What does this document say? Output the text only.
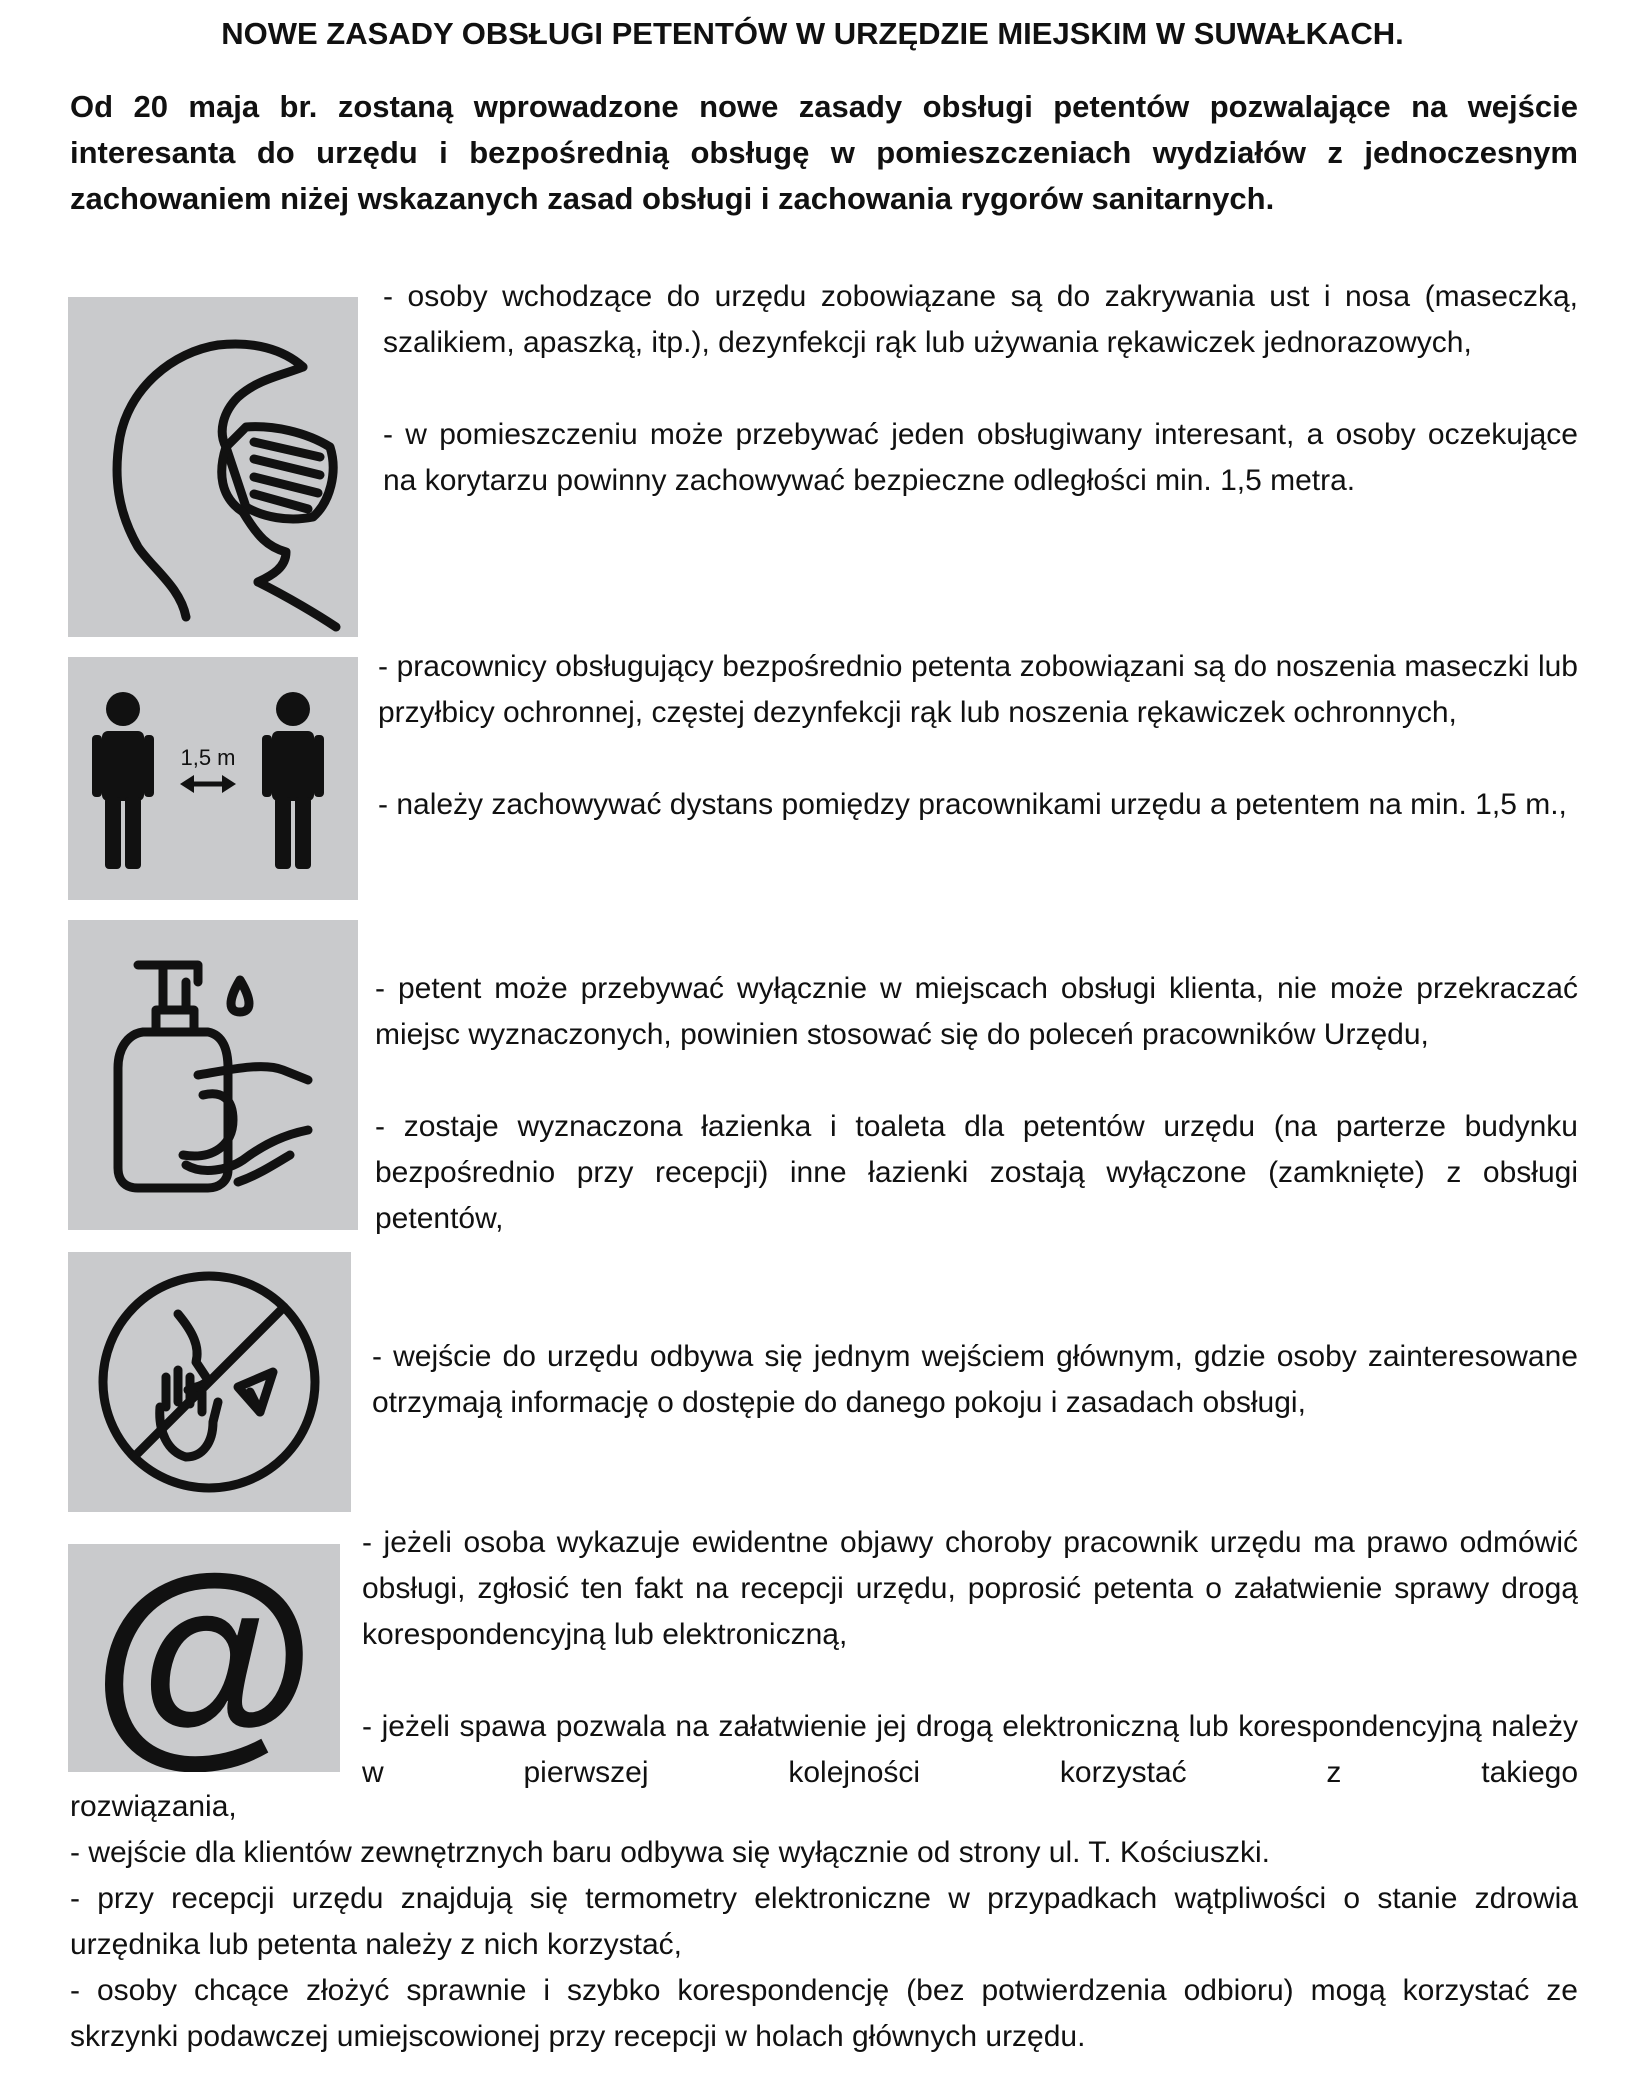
NOWE ZASADY OBSŁUGI PETENTÓW W URZĘDZIE MIEJSKIM W SUWAŁKACH.

Od 20 maja br. zostaną wprowadzone nowe zasady obsługi petentów pozwalające na wejście interesanta do urzędu i bezpośrednią obsługę w pomieszczeniach wydziałów z jednoczesnym zachowaniem niżej wskazanych zasad obsługi i zachowania rygorów sanitarnych.

1,5 m
@

- osoby wchodzące do urzędu zobowiązane są do zakrywania ust i nosa (maseczką, szalikiem, apaszką, itp.), dezynfekcji rąk lub używania rękawiczek jednorazowych,

- w pomieszczeniu może przebywać jeden obsługiwany interesant, a osoby oczekujące na korytarzu powinny zachowywać bezpieczne odległości min. 1,5 metra.

- pracownicy obsługujący bezpośrednio petenta zobowiązani są do noszenia maseczki lub przyłbicy ochronnej, częstej dezynfekcji rąk lub noszenia rękawiczek ochronnych,

- należy zachowywać dystans pomiędzy pracownikami urzędu a petentem na min. 1,5 m.,

- petent może przebywać wyłącznie w miejscach obsługi klienta, nie może przekraczać miejsc wyznaczonych, powinien stosować się do poleceń pracowników Urzędu,

- zostaje wyznaczona łazienka i toaleta dla petentów urzędu (na parterze budynku bezpośrednio przy recepcji) inne łazienki zostają wyłączone (zamknięte) z obsługi petentów,

- wejście do urzędu odbywa się jednym wejściem głównym, gdzie osoby zainteresowane otrzymają informację o dostępie do danego pokoju i zasadach obsługi,

- jeżeli osoba wykazuje ewidentne objawy choroby pracownik urzędu ma prawo odmówić obsługi, zgłosić ten fakt na recepcji urzędu, poprosić petenta o załatwienie sprawy drogą korespondencyjną lub elektroniczną,

- jeżeli spawa pozwala na załatwienie jej drogą elektroniczną lub korespondencyjną należy w pierwszej kolejności korzystać z takiego

rozwiązania,

- wejście dla klientów zewnętrznych baru odbywa się wyłącznie od strony ul. T. Kościuszki.

- przy recepcji urzędu znajdują się termometry elektroniczne w przypadkach wątpliwości o stanie zdrowia urzędnika lub petenta należy z nich korzystać,

- osoby chcące złożyć sprawnie i szybko korespondencję (bez potwierdzenia odbioru) mogą korzystać ze skrzynki podawczej umiejscowionej przy recepcji w holach głównych urzędu.
